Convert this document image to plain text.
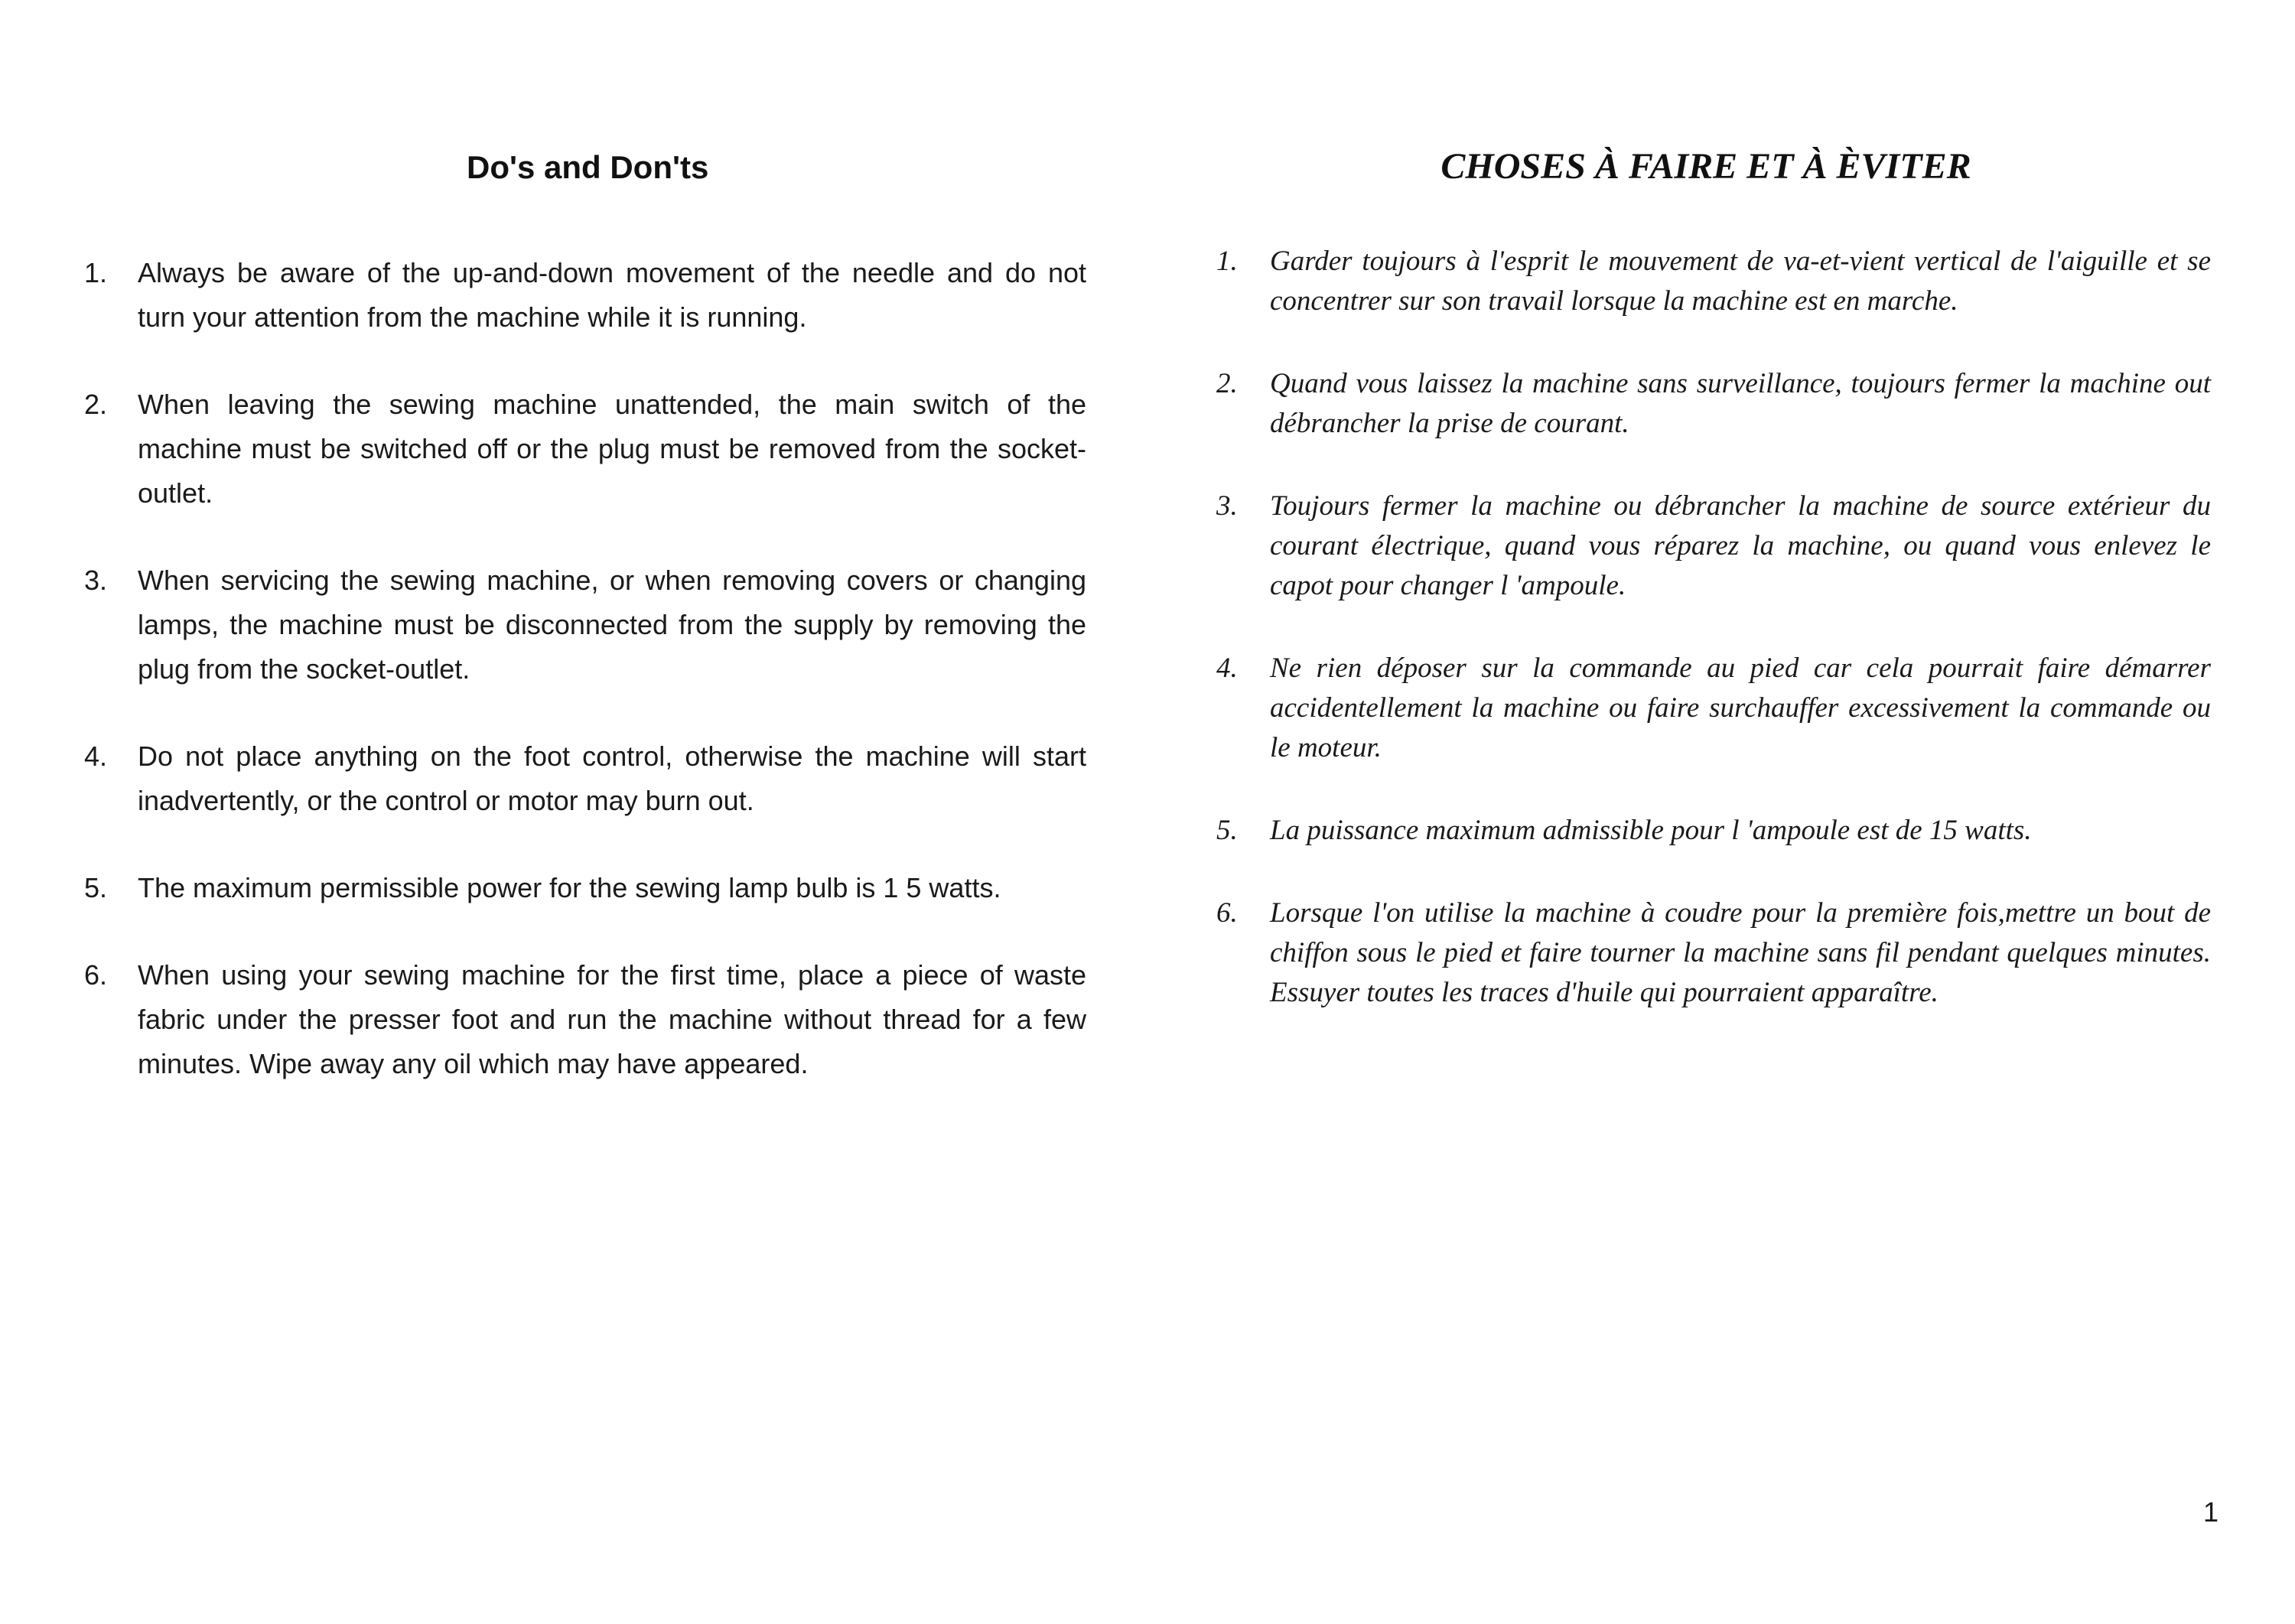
Do's and Don'ts
1. Always be aware of the up-and-down movement of the needle and do not turn your attention from the machine while it is running.
2. When leaving the sewing machine unattended, the main switch of the machine must be switched off or the plug must be removed from the socket-outlet.
3. When servicing the sewing machine, or when removing covers or changing lamps, the machine must be disconnected from the supply by removing the plug from the socket-outlet.
4. Do not place anything on the foot control, otherwise the machine will start inadvertently, or the control or motor may burn out.
5. The maximum permissible power for the sewing lamp bulb is 1 5 watts.
6. When using your sewing machine for the first time, place a piece of waste fabric under the presser foot and run the machine without thread for a few minutes. Wipe away any oil which may have appeared.
CHOSES À FAIRE ET À ÈVITER
1. Garder toujours à l'esprit le mouvement de va-et-vient vertical de l'aiguille et se concentrer sur son travail lorsque la machine est en marche.
2. Quand vous laissez la machine sans surveillance, toujours fermer la machine out débrancher la prise de courant.
3. Toujours fermer la machine ou débrancher la machine de source extérieur du courant électrique, quand vous réparez la machine, ou quand vous enlevez le capot pour changer l 'ampoule.
4. Ne rien déposer sur la commande au pied car cela pourrait faire démarrer accidentellement la machine ou faire surchauffer excessivement la commande ou le moteur.
5. La puissance maximum admissible pour l 'ampoule est de 15 watts.
6. Lorsque l'on utilise la machine à coudre pour la première fois,mettre un bout de chiffon sous le pied et faire tourner la machine sans fil pendant quelques minutes. Essuyer toutes les traces d'huile qui pourraient apparaître.
1
